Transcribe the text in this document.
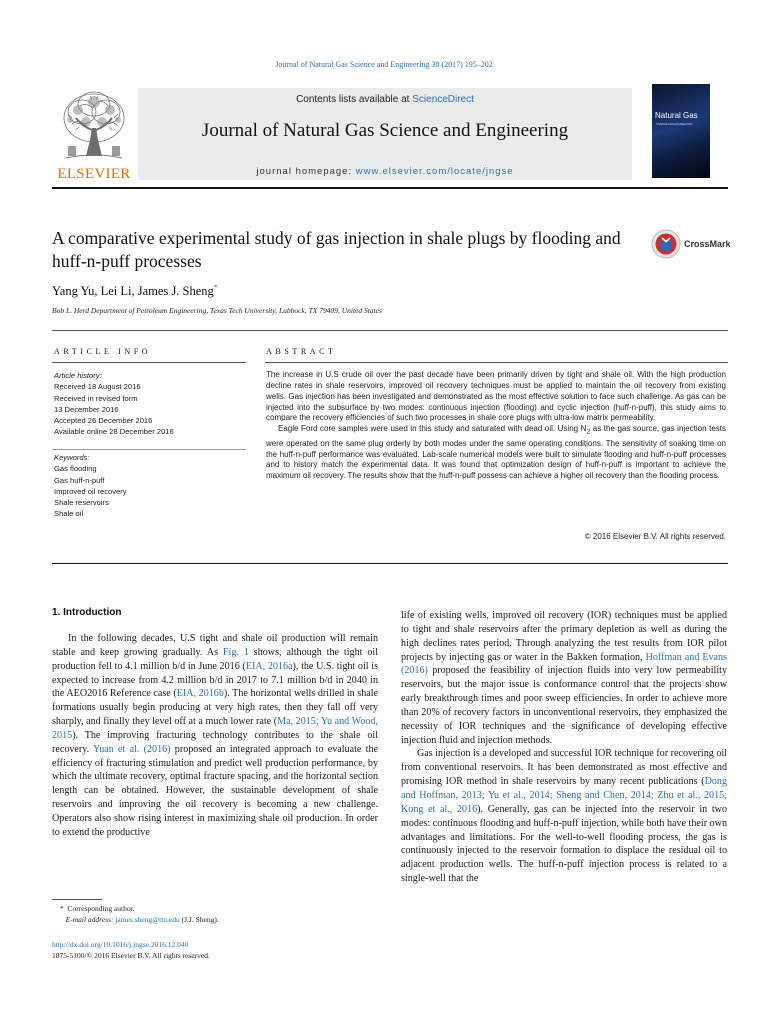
Journal of Natural Gas Science and Engineering 38 (2017) 195–202
Contents lists available at ScienceDirect
Journal of Natural Gas Science and Engineering
journal homepage: www.elsevier.com/locate/jngse
ELSEVIER
Natural Gas
SCIENCE AND ENGINEERING
A comparative experimental study of gas injection in shale plugs by flooding and huff-n-puff processes
CrossMark
Yang Yu, Lei Li, James J. Sheng*
Bob L. Herd Department of Petroleum Engineering, Texas Tech University, Lubbock, TX 79409, United States
ARTICLE INFO	ABSTRACT
Article history:
Received 18 August 2016
Received in revised form
13 December 2016
Accepted 26 December 2016
Available online 28 December 2016
Keywords:
Gas flooding
Gas huff-n-puff
Improved oil recovery
Shale reservoirs
Shale oil

The increase in U.S crude oil over the past decade have been primarily driven by tight and shale oil. With the high production decline rates in shale reservoirs, improved oil recovery techniques must be applied to maintain the oil recovery from existing wells. Gas injection has been investigated and demonstrated as the most effective solution to face such challenge. As gas can be injected into the subsurface by two modes: continuous injection (flooding) and cyclic injection (huff-n-puff), this study aims to compare the recovery efficiencies of such two processes in shale core plugs with ultra-low matrix permeability.

Eagle Ford core samples were used in this study and saturated with dead oil. Using $N_2$ as the gas source, gas injection tests were operated on the same plug orderly by both modes under the same operating conditions. The sensitivity of soaking time on the huff-n-puff performance was evaluated. Lab-scale numerical models were built to simulate flooding and huff-n-puff processes and to history match the experimental data. It was found that optimization design of huff-n-puff is important to achieve the maximum oil recovery. The results show that the huff-n-puff possess can achieve a higher oil recovery than the flooding process.

© 2016 Elsevier B.V. All rights reserved.
1. Introduction

In the following decades, U.S tight and shale oil production will remain stable and keep growing gradually. As Fig. 1 shows, although the tight oil production fell to 4.1 million b/d in June 2016 (EIA, 2016a), the U.S. tight oil is expected to increase from 4.2 million b/d in 2017 to 7.1 million b/d in 2040 in the AEO2016 Reference case (EIA, 2016b). The horizontal wells drilled in shale formations usually begin producing at very high rates, then they fall off very sharply, and finally they level off at a much lower rate (Ma, 2015; Yu and Wood, 2015). The improving fracturing technology contributes to the shale oil recovery. Yuan et al. (2016) proposed an integrated approach to evaluate the efficiency of fracturing stimulation and predict well production performance, by which the ultimate recovery, optimal fracture spacing, and the horizontal section length can be obtained. However, the sustainable development of shale reservoirs and improving the oil recovery is becoming a new challenge. Operators also show rising interest in maximizing shale oil production. In order to extend the productive

life of existing wells, improved oil recovery (IOR) techniques must be applied to tight and shale reservoirs after the primary depletion as well as during the high declines rates period. Through analyzing the test results from IOR pilot projects by injecting gas or water in the Bakken formation, Hoffman and Evans (2016) proposed the feasibility of injection fluids into very low permeability reservoirs, but the major issue is conformance control that the projects show early breakthrough times and poor sweep efficiencies. In order to achieve more than 20% of recovery factors in unconventional reservoirs, they emphasized the necessity of IOR techniques and the significance of developing effective injection fluid and injection methods.

Gas injection is a developed and successful IOR technique for recovering oil from conventional reservoirs. It has been demonstrated as most effective and promising IOR method in shale reservoirs by many recent publications (Dong and Hoffman, 2013; Yu et al., 2014; Sheng and Chen, 2014; Zhu et al., 2015; Kong et al., 2016). Generally, gas can be injected into the reservoir in two modes: continuous flooding and huff-n-puff injection, while both have their own advantages and limitations. For the well-to-well flooding process, the gas is continuously injected to the reservoir formation to displace the residual oil to adjacent production wells. The huff-n-puff injection process is related to a single-well that the

* Corresponding author.
E-mail address: james.sheng@ttu.edu (J.J. Sheng).
http://dx.doi.org/10.1016/j.jngse.2016.12.040
1875-5100/© 2016 Elsevier B.V. All rights reserved.
